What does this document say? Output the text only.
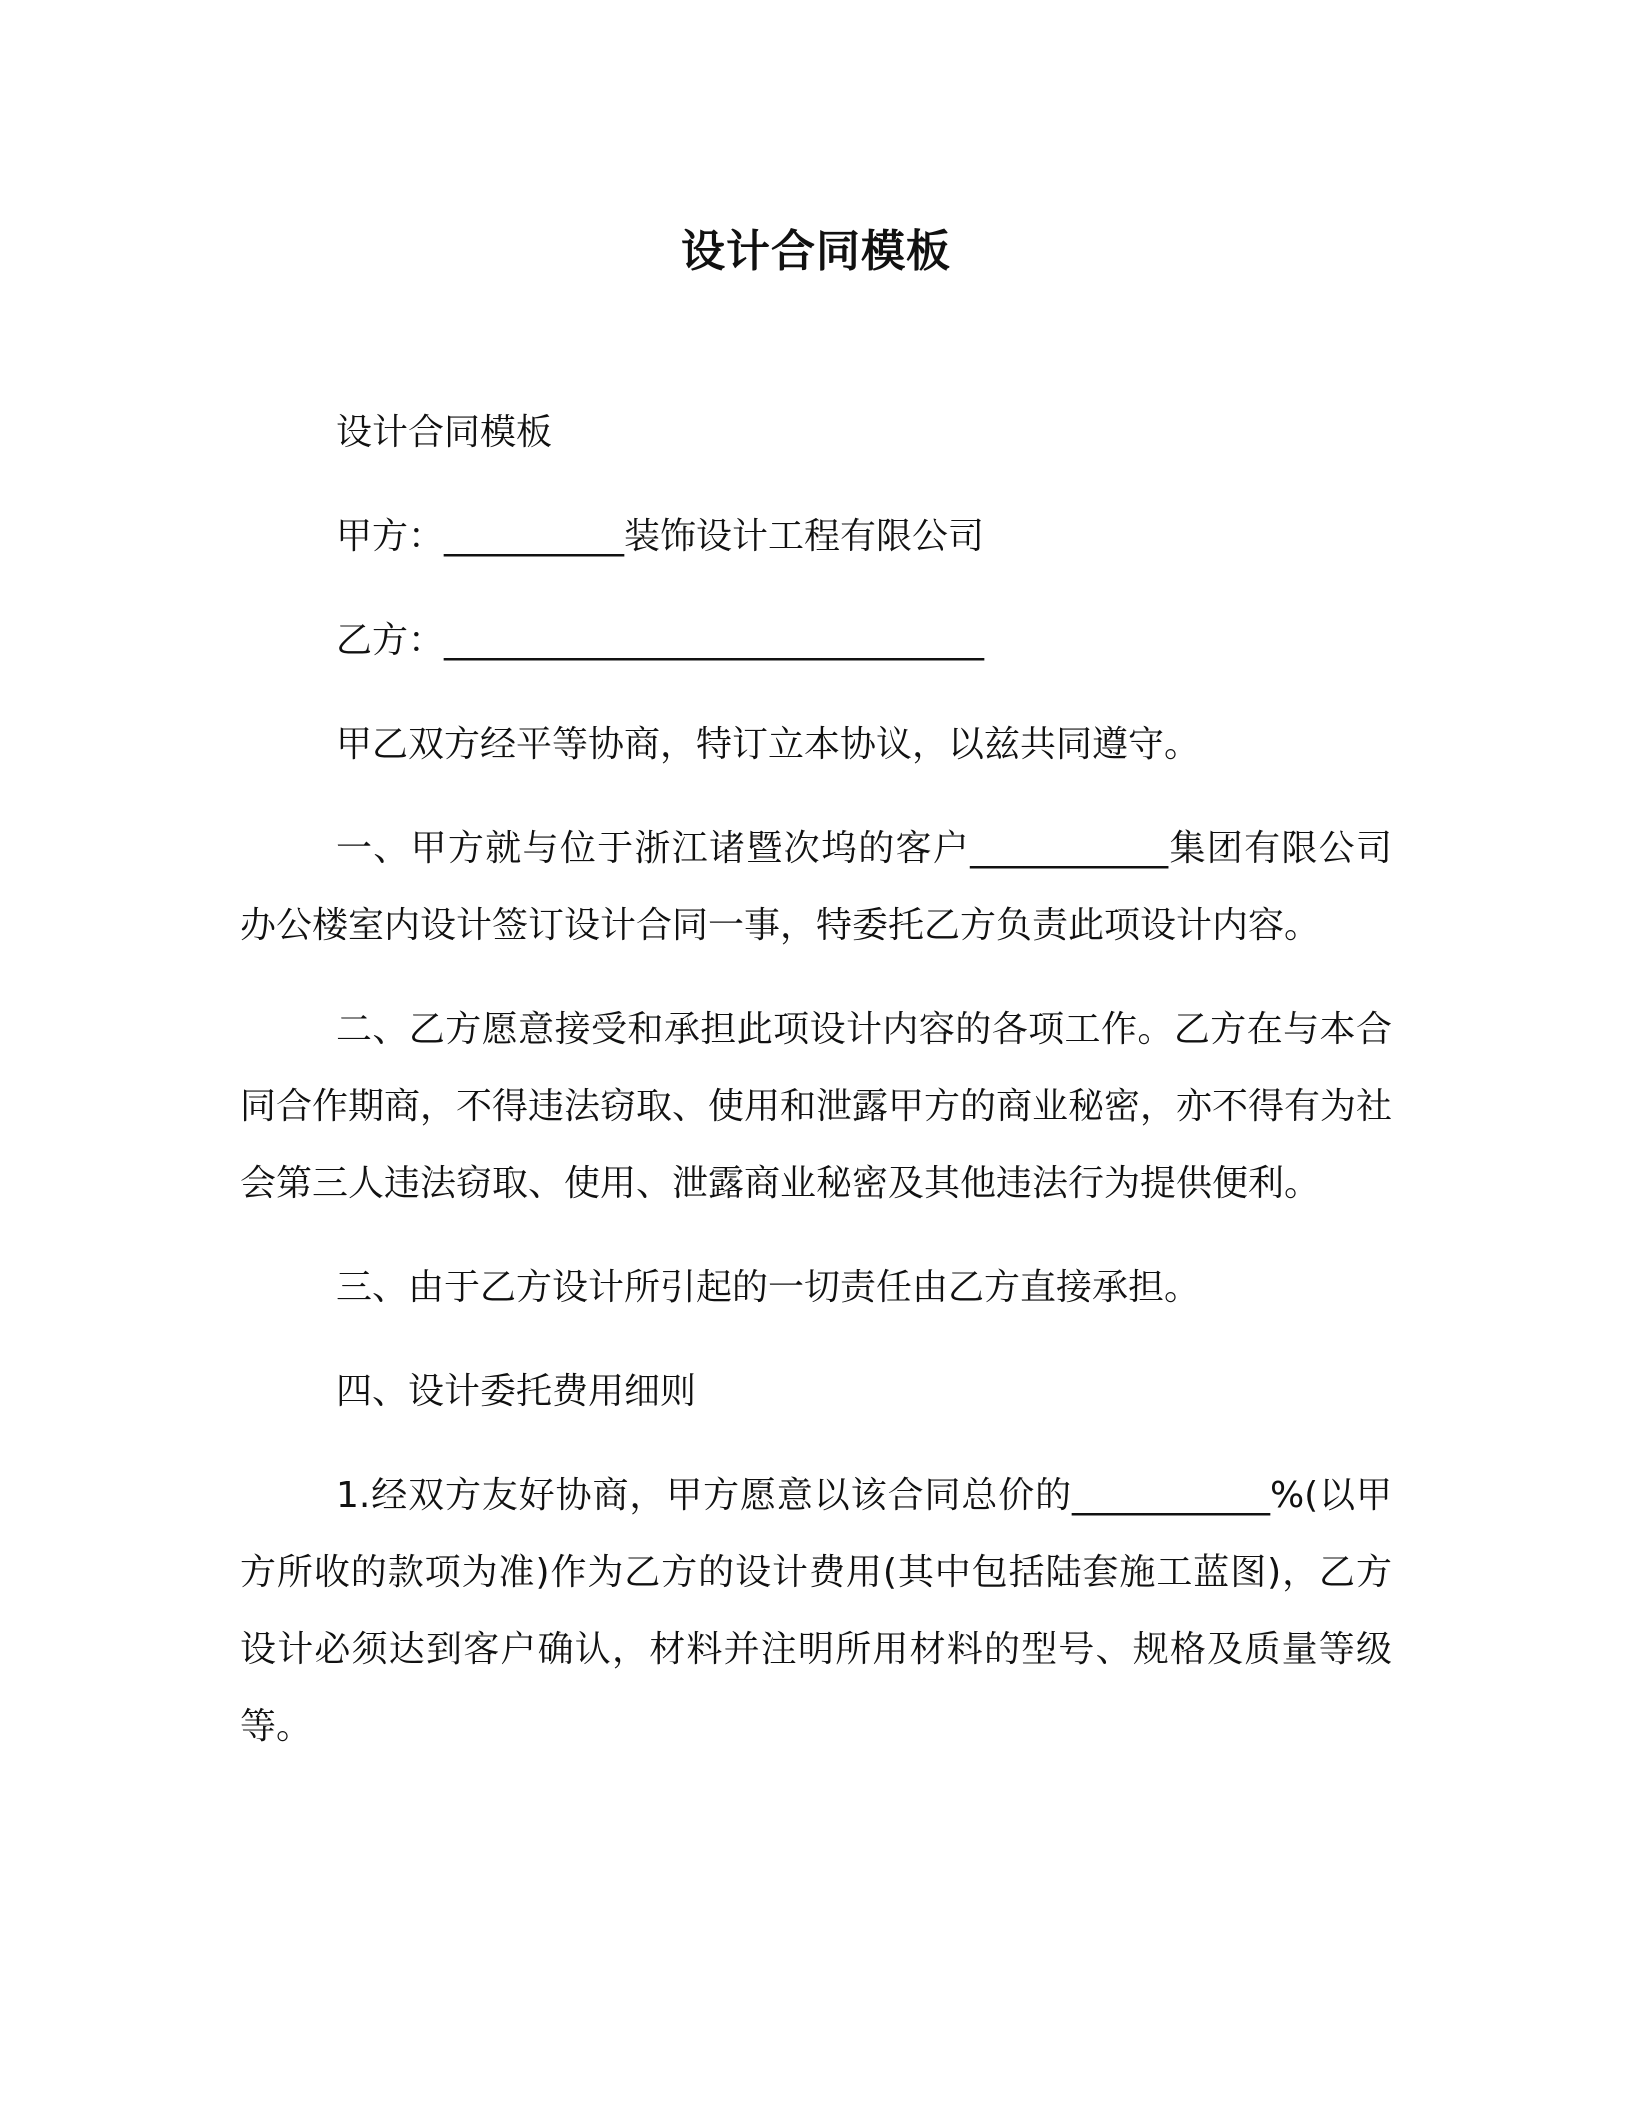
设计合同模板

设计合同模板

甲方：__________装饰设计工程有限公司

乙方：______________________________

甲乙双方经平等协商，特订立本协议，以兹共同遵守。

一、甲方就与位于浙江诸暨次坞的客户___________集团有限公司办公楼室内设计签订设计合同一事，特委托乙方负责此项设计内容。

二、乙方愿意接受和承担此项设计内容的各项工作。乙方在与本合同合作期商，不得违法窃取、使用和泄露甲方的商业秘密，亦不得有为社会第三人违法窃取、使用、泄露商业秘密及其他违法行为提供便利。

三、由于乙方设计所引起的一切责任由乙方直接承担。

四、设计委托费用细则

1.经双方友好协商，甲方愿意以该合同总价的___________%(以甲方所收的款项为准)作为乙方的设计费用(其中包括陆套施工蓝图)，乙方设计必须达到客户确认，材料并注明所用材料的型号、规格及质量等级等。
